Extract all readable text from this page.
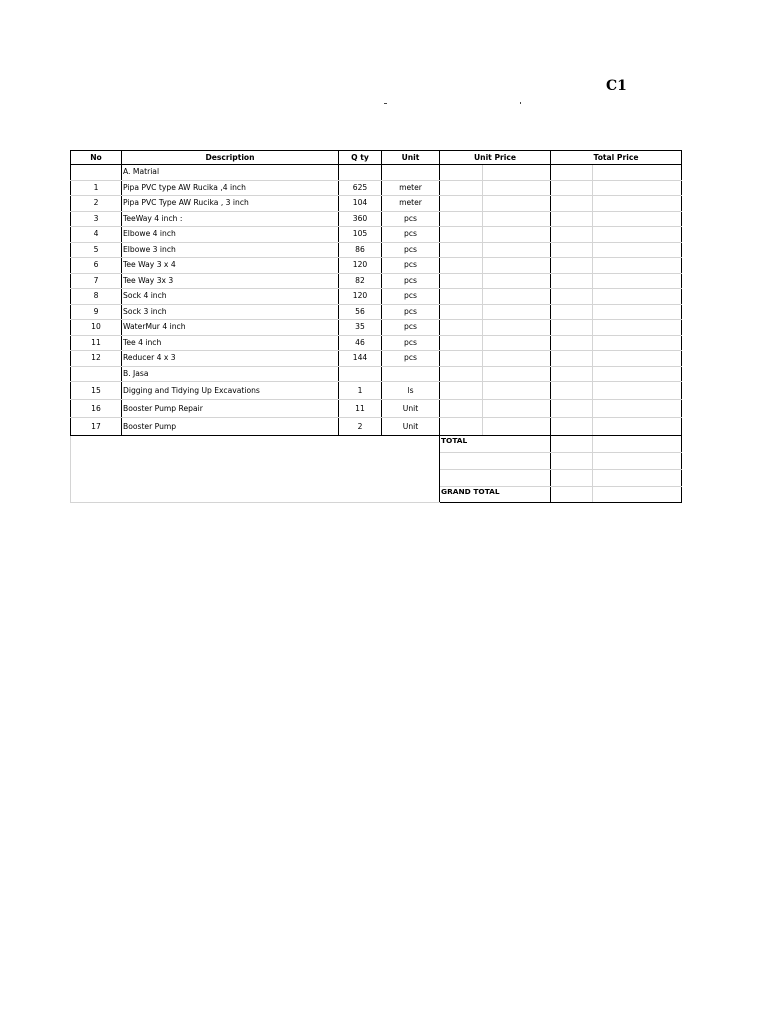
C1
No	Description	Q ty	Unit	Unit Price		Total Price	
	A. Matrial						
1	Pipa PVC type AW Rucika ,4 inch	625	meter				
2	Pipa PVC Type AW Rucika , 3 inch	104	meter				
3	TeeWay 4 inch :	360	pcs				
4	Elbowe 4 inch	105	pcs				
5	Elbowe 3 inch	86	pcs				
6	Tee Way 3 x 4	120	pcs				
7	Tee Way 3x 3	82	pcs				
8	Sock 4 inch	120	pcs				
9	Sock 3 inch	56	pcs				
10	WaterMur 4 inch	35	pcs				
11	Tee 4 inch	46	pcs				
12	Reducer 4 x 3	144	pcs				
	B. Jasa						
15	Digging and Tidying Up Excavations	1	ls				
16	Booster Pump Repair	11	Unit				
17	Booster Pump	2	Unit				
				TOTAL			

				GRAND TOTAL			
